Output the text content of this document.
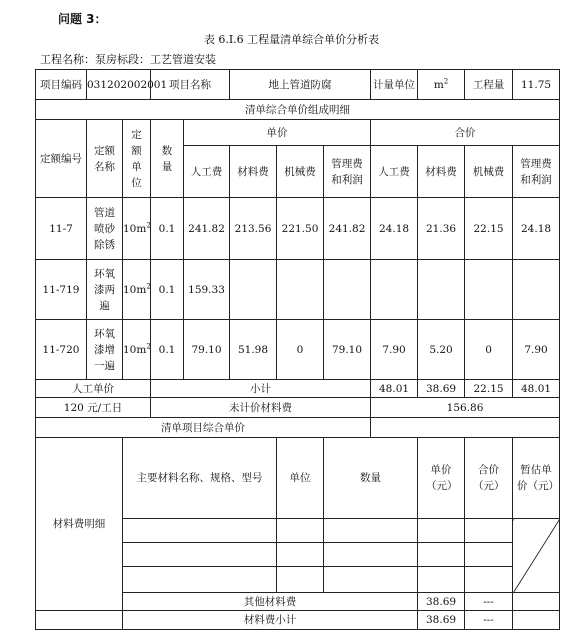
问题 3：
表 6.Ⅰ.6 工程量清单综合单价分析表
工程名称：泵房标段：工艺管道安装
项目编码	031202002001		项目名称		地上管道防腐			计量单位	$m^2$	工程量	11.75	
清单综合单价组成明细												

定额编号	定额名称	定额单位	数量	单价				合价				
				人工费	材料费	机械费	管理费和利润	人工费	材料费	机械费	管理费和利润	

11-7	管道喷砂除锈	$10m^2$	0.1	241.82	213.56	221.50	241.82	24.18	21.36	22.15	24.18	
11-719	环氧漆两遍	$10m^2$	0.1	159.33								
11-720	环氧漆增一遍	$10m^2$	0.1	79.10	51.98	0	79.10	7.90	5.20	0	7.90	
人工单价			小计					48.01	38.69	22.15	48.01	
120 元/工日			未计价材料费					156.86				
清单项目综合单价												

材料费明细		主要材料名称、规格、型号				单位	数量		单价（元）	合价（元）	暂估单价（元）

		其他材料费							38.69	---		
		材料费小计							38.69	---		
